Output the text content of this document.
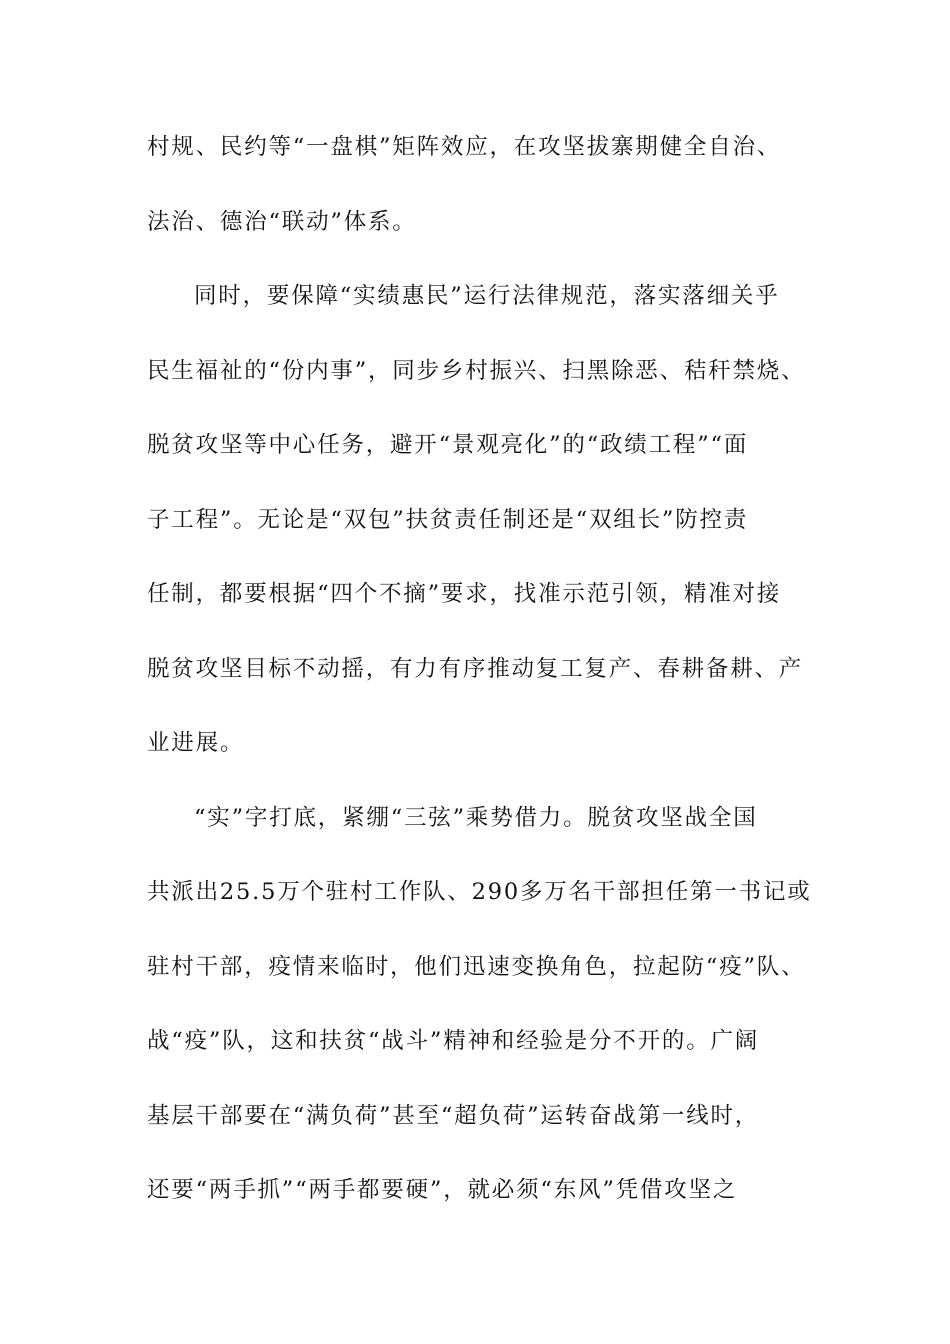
村规、民约等“一盘棋”矩阵效应，在攻坚拔寨期健全自治、
法治、德治“联动”体系。
同时，要保障“实绩惠民”运行法律规范，落实落细关乎
民生福祉的“份内事”，同步乡村振兴、扫黑除恶、秸秆禁烧、
脱贫攻坚等中心任务，避开“景观亮化”的“政绩工程”“面
子工程”。无论是“双包”扶贫责任制还是“双组长”防控责
任制，都要根据“四个不摘”要求，找准示范引领，精准对接
脱贫攻坚目标不动摇，有力有序推动复工复产、春耕备耕、产
业进展。
“实”字打底，紧绷“三弦”乘势借力。脱贫攻坚战全国
共派出25.5万个驻村工作队、290多万名干部担任第一书记或
驻村干部，疫情来临时，他们迅速变换角色，拉起防“疫”队、
战“疫”队，这和扶贫“战斗”精神和经验是分不开的。广阔
基层干部要在“满负荷”甚至“超负荷”运转奋战第一线时，
还要“两手抓”“两手都要硬”，就必须“东风”凭借攻坚之
